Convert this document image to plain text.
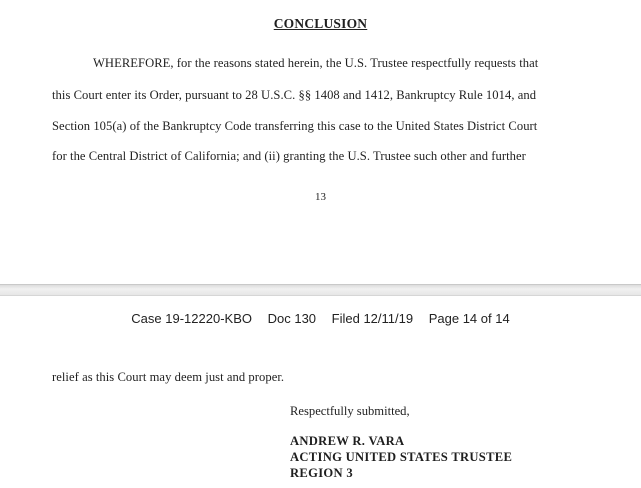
CONCLUSION
WHEREFORE, for the reasons stated herein, the U.S. Trustee respectfully requests that
this Court enter its Order, pursuant to 28 U.S.C. §§ 1408 and 1412, Bankruptcy Rule 1014, and
Section 105(a) of the Bankruptcy Code transferring this case to the United States District Court
for the Central District of California; and (ii) granting the U.S. Trustee such other and further
13
Case 19-12220-KBO Doc 130 Filed 12/11/19 Page 14 of 14
relief as this Court may deem just and proper.
Respectfully submitted,
ANDREW R. VARA
ACTING UNITED STATES TRUSTEE
REGION 3
